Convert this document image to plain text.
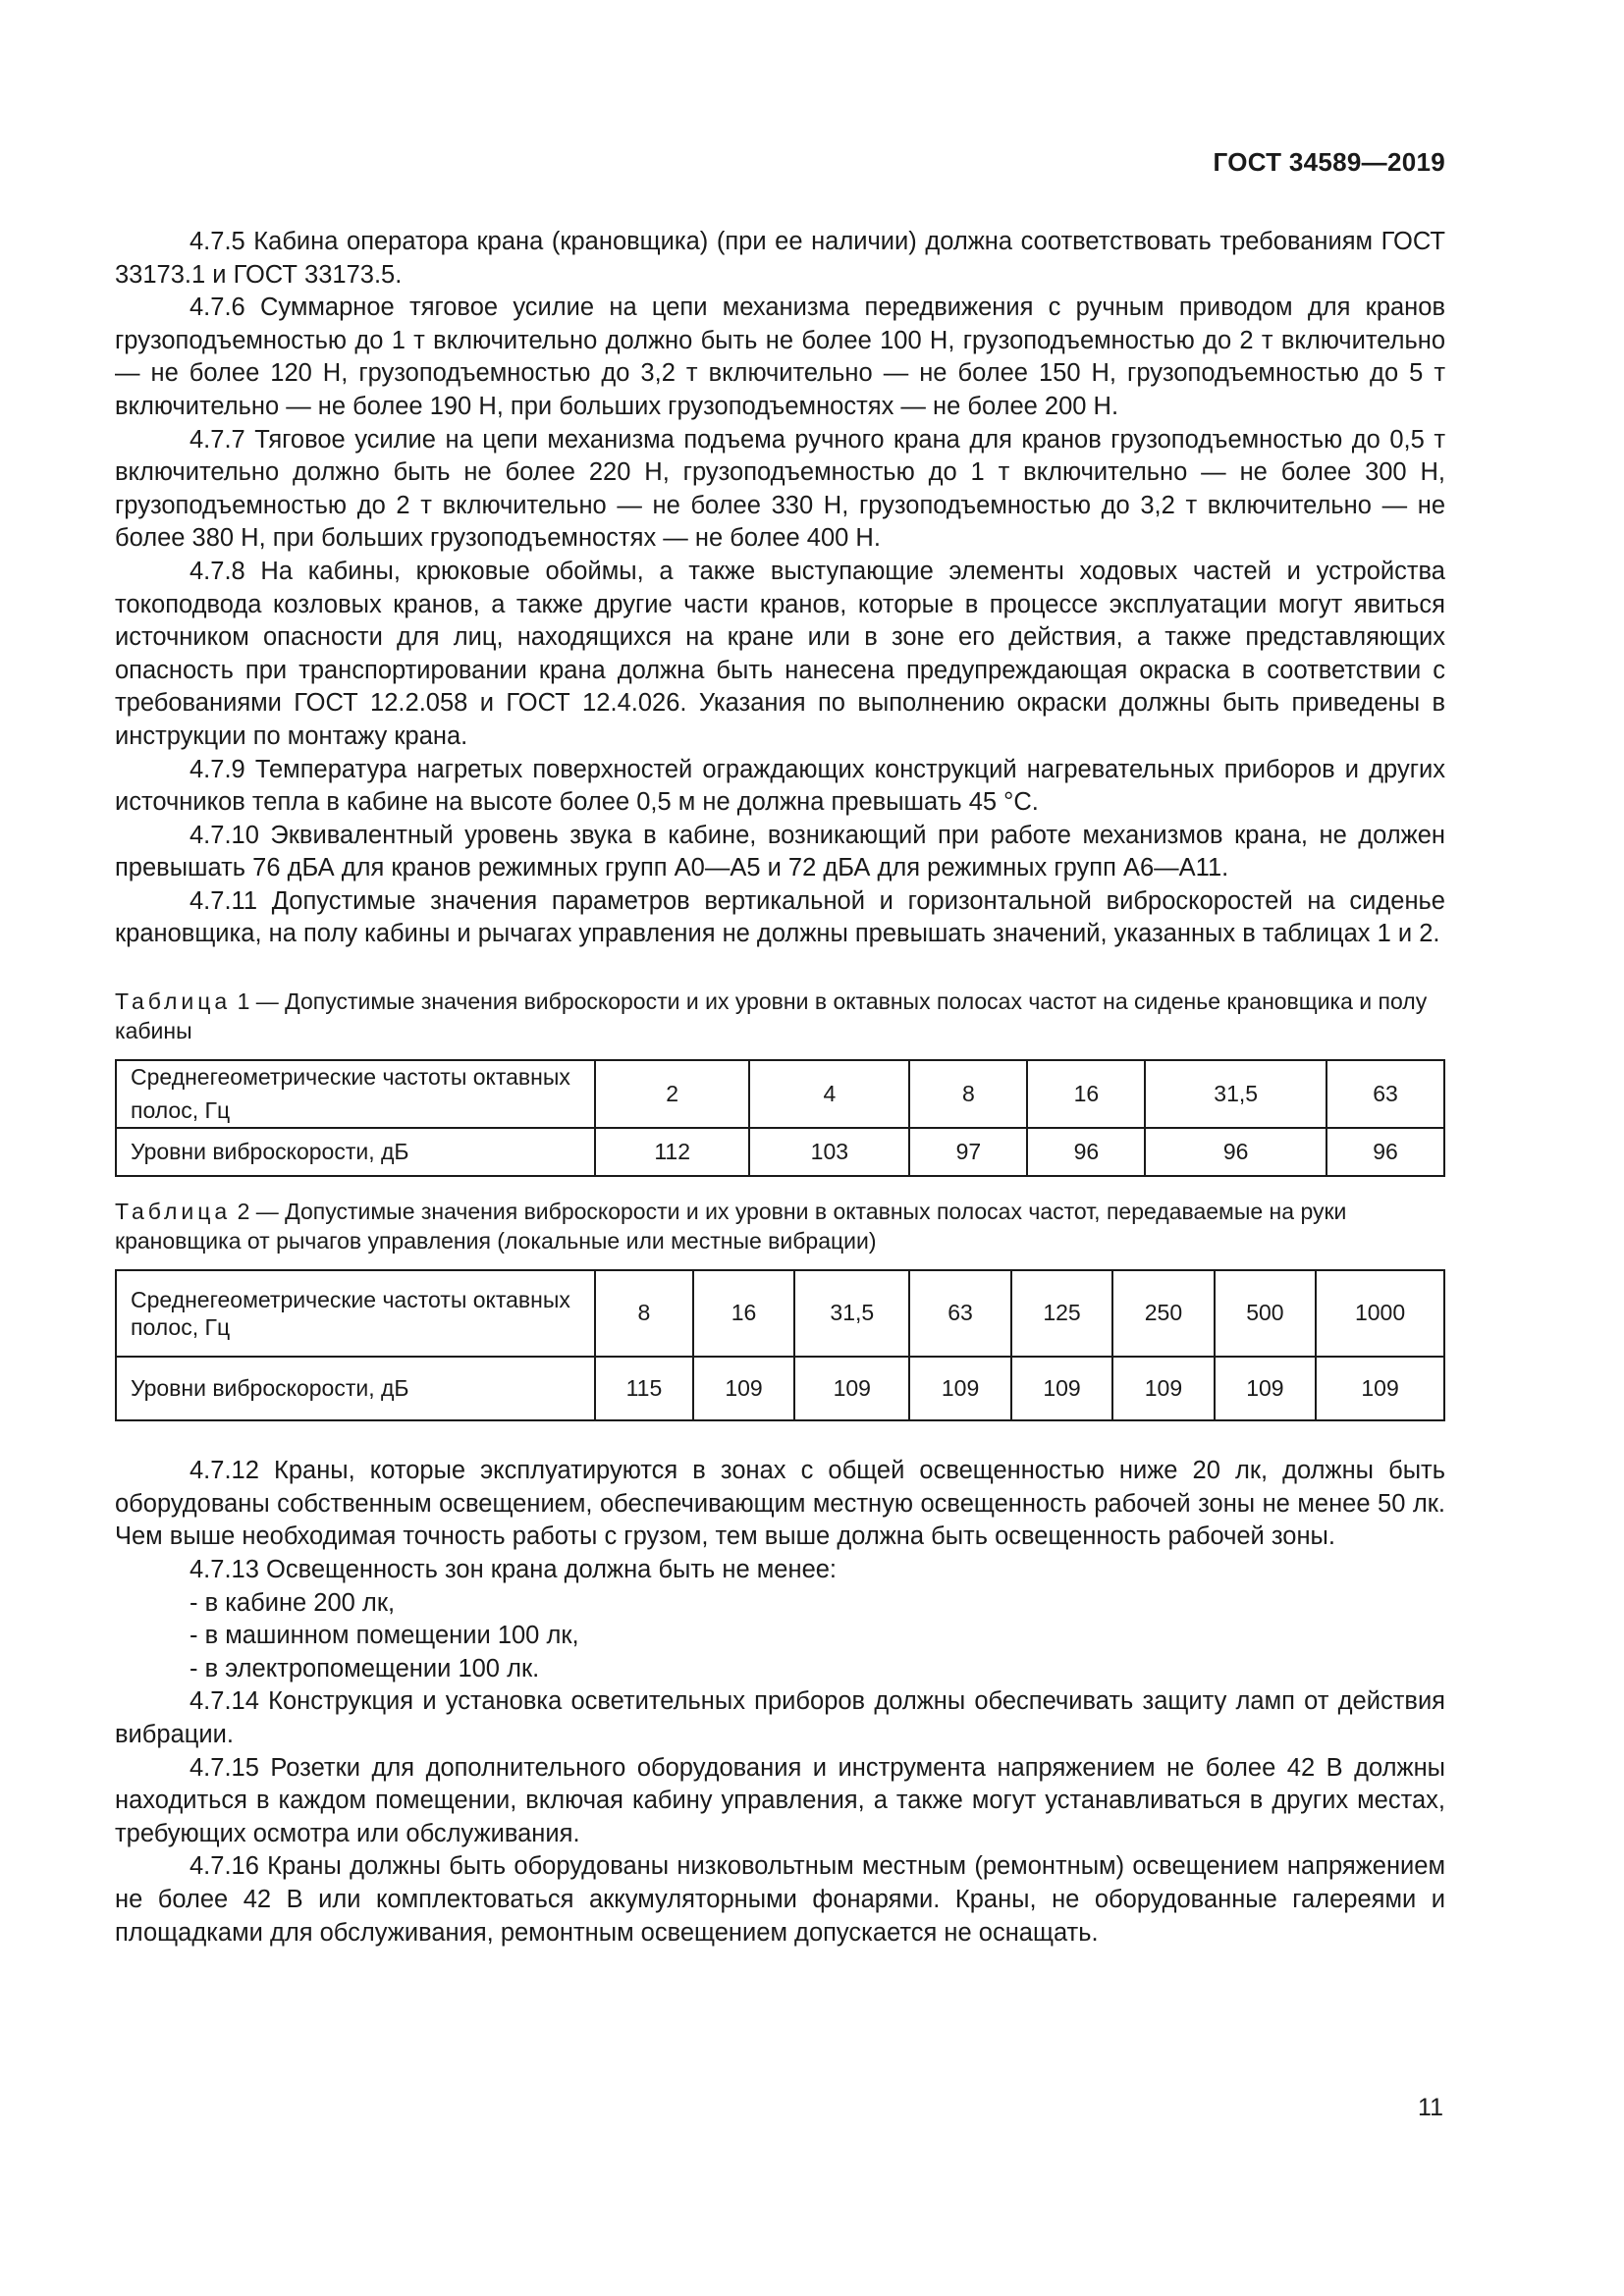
ГОСТ 34589—2019

4.7.5 Кабина оператора крана (крановщика) (при ее наличии) должна соответствовать требованиям ГОСТ 33173.1 и ГОСТ 33173.5.

4.7.6 Суммарное тяговое усилие на цепи механизма передвижения с ручным приводом для кранов грузоподъемностью до 1 т включительно должно быть не более 100 Н, грузоподъемностью до 2 т включительно — не более 120 Н, грузоподъемностью до 3,2 т включительно — не более 150 Н, грузоподъемностью до 5 т включительно — не более 190 Н, при больших грузоподъемностях — не более 200 Н.

4.7.7 Тяговое усилие на цепи механизма подъема ручного крана для кранов грузоподъемностью до 0,5 т включительно должно быть не более 220 Н, грузоподъемностью до 1 т включительно — не более 300 Н, грузоподъемностью до 2 т включительно — не более 330 Н, грузоподъемностью до 3,2 т включительно — не более 380 Н, при больших грузоподъемностях — не более 400 Н.

4.7.8 На кабины, крюковые обоймы, а также выступающие элементы ходовых частей и устройства токоподвода козловых кранов, а также другие части кранов, которые в процессе эксплуатации могут явиться источником опасности для лиц, находящихся на кране или в зоне его действия, а также представляющих опасность при транспортировании крана должна быть нанесена предупреждающая окраска в соответствии с требованиями ГОСТ 12.2.058 и ГОСТ 12.4.026. Указания по выполнению окраски должны быть приведены в инструкции по монтажу крана.

4.7.9 Температура нагретых поверхностей ограждающих конструкций нагревательных приборов и других источников тепла в кабине на высоте более 0,5 м не должна превышать 45 °С.

4.7.10 Эквивалентный уровень звука в кабине, возникающий при работе механизмов крана, не должен превышать 76 дБА для кранов режимных групп А0—А5 и 72 дБА для режимных групп А6—А11.

4.7.11 Допустимые значения параметров вертикальной и горизонтальной виброскоростей на сиденье крановщика, на полу кабины и рычагах управления не должны превышать значений, указанных в таблицах 1 и 2.

Таблица 1 — Допустимые значения виброскорости и их уровни в октавных полосах частот на сиденье крановщика и полу кабины
Среднегеометрические частоты октавных полос, Гц	2	4	8	16	31,5	63
Уровни виброскорости, дБ	112	103	97	96	96	96
Таблица 2 — Допустимые значения виброскорости и их уровни в октавных полосах частот, передаваемые на руки крановщика от рычагов управления (локальные или местные вибрации)
Среднегеометрические частоты октавных полос, Гц	8	16	31,5	63	125	250	500	1000
Уровни виброскорости, дБ	115	109	109	109	109	109	109	109

4.7.12 Краны, которые эксплуатируются в зонах с общей освещенностью ниже 20 лк, должны быть оборудованы собственным освещением, обеспечивающим местную освещенность рабочей зоны не менее 50 лк. Чем выше необходимая точность работы с грузом, тем выше должна быть освещенность рабочей зоны.

4.7.13 Освещенность зон крана должна быть не менее:

- в кабине 200 лк,

- в машинном помещении 100 лк,

- в электропомещении 100 лк.

4.7.14 Конструкция и установка осветительных приборов должны обеспечивать защиту ламп от действия вибрации.

4.7.15 Розетки для дополнительного оборудования и инструмента напряжением не более 42 В должны находиться в каждом помещении, включая кабину управления, а также могут устанавливаться в других местах, требующих осмотра или обслуживания.

4.7.16 Краны должны быть оборудованы низковольтным местным (ремонтным) освещением напряжением не более 42 В или комплектоваться аккумуляторными фонарями. Краны, не оборудованные галереями и площадками для обслуживания, ремонтным освещением допускается не оснащать.

11
